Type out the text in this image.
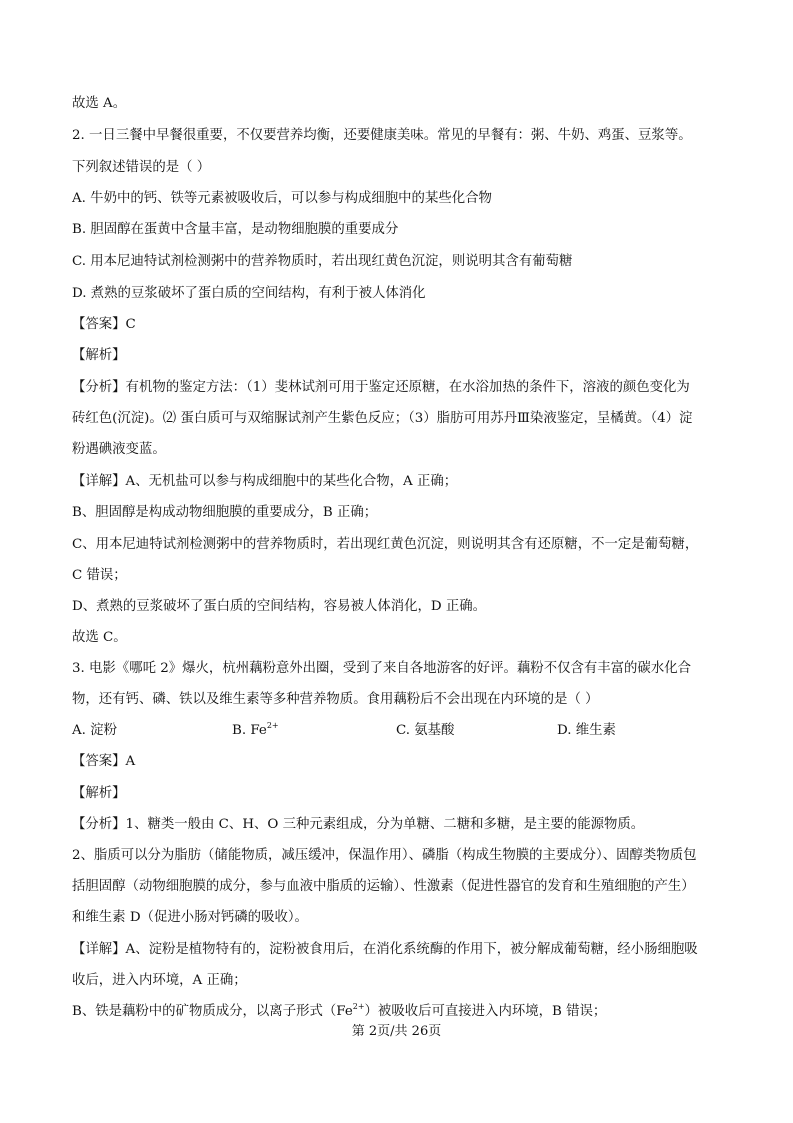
故选 A。
2. 一日三餐中早餐很重要，不仅要营养均衡，还要健康美味。常见的早餐有：粥、牛奶、鸡蛋、豆浆等。
下列叙述错误的是（ ）
A. 牛奶中的钙、铁等元素被吸收后，可以参与构成细胞中的某些化合物
B. 胆固醇在蛋黄中含量丰富，是动物细胞膜的重要成分
C. 用本尼迪特试剂检测粥中的营养物质时，若出现红黄色沉淀，则说明其含有葡萄糖
D. 煮熟的豆浆破坏了蛋白质的空间结构，有利于被人体消化
【答案】C
【解析】
【分析】有机物的鉴定方法：（1）斐林试剂可用于鉴定还原糖，在水浴加热的条件下，溶液的颜色变化为
砖红色(沉淀)。⑵ 蛋白质可与双缩脲试剂产生紫色反应；（3）脂肪可用苏丹Ⅲ染液鉴定，呈橘黄。（4）淀
粉遇碘液变蓝。
【详解】A、无机盐可以参与构成细胞中的某些化合物，A 正确；
B、胆固醇是构成动物细胞膜的重要成分，B 正确；
C、用本尼迪特试剂检测粥中的营养物质时，若出现红黄色沉淀，则说明其含有还原糖，不一定是葡萄糖，
C 错误；
D、煮熟的豆浆破坏了蛋白质的空间结构，容易被人体消化，D 正确。
故选 C。
3. 电影《哪吒 2》爆火，杭州藕粉意外出圈，受到了来自各地游客的好评。藕粉不仅含有丰富的碳水化合
物，还有钙、磷、铁以及维生素等多种营养物质。食用藕粉后不会出现在内环境的是（ ）
A. 淀粉	B. $Fe^{2+}$	C. 氨基酸	D. 维生素
【答案】A
【解析】
【分析】1、糖类一般由 C、H、O 三种元素组成，分为单糖、二糖和多糖，是主要的能源物质。
2、脂质可以分为脂肪（储能物质，减压缓冲，保温作用）、磷脂（构成生物膜的主要成分）、固醇类物质包
括胆固醇（动物细胞膜的成分，参与血液中脂质的运输）、性激素（促进性器官的发育和生殖细胞的产生）
和维生素 D（促进小肠对钙磷的吸收）。
【详解】A、淀粉是植物特有的，淀粉被食用后，在消化系统酶的作用下，被分解成葡萄糖，经小肠细胞吸
收后，进入内环境，A 正确；
B、铁是藕粉中的矿物质成分，以离子形式$(Fe^{2+})$被吸收后可直接进入内环境，B 错误；
第 2页/共 26页
